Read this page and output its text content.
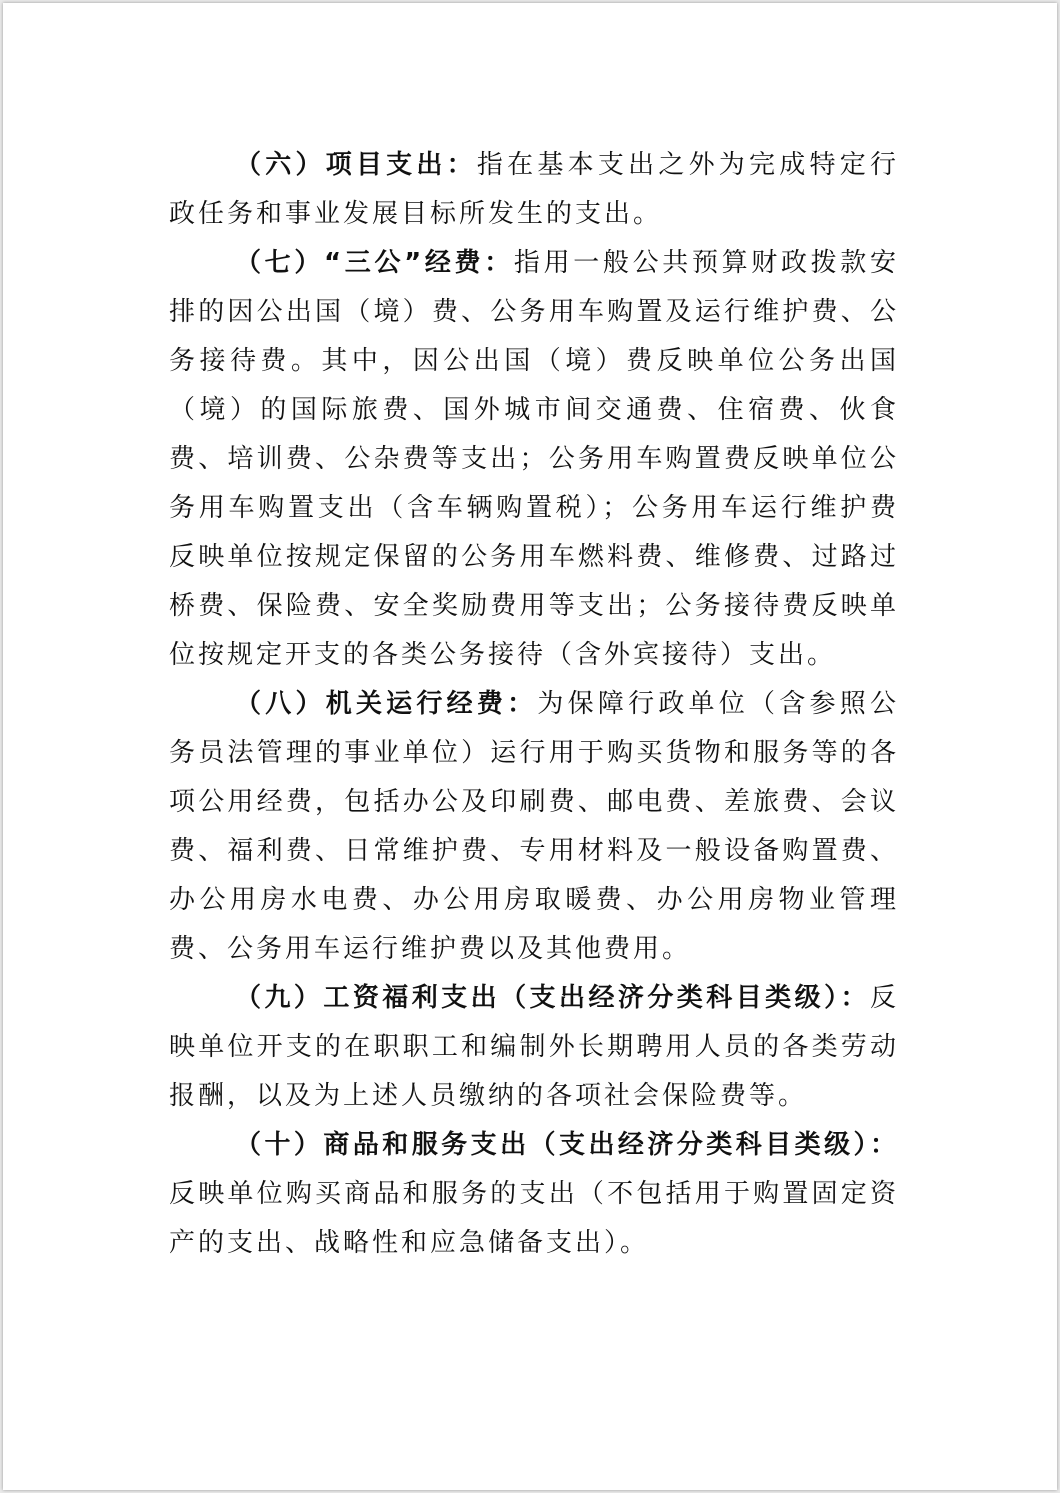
（六）项目支出：指在基本支出之外为完成特定行政任务和事业发展目标所发生的支出。

（七）“三公”经费：指用一般公共预算财政拨款安排的因公出国（境）费、公务用车购置及运行维护费、公务接待费。其中，因公出国（境）费反映单位公务出国（境）的国际旅费、国外城市间交通费、住宿费、伙食费、培训费、公杂费等支出；公务用车购置费反映单位公务用车购置支出（含车辆购置税）；公务用车运行维护费反映单位按规定保留的公务用车燃料费、维修费、过路过桥费、保险费、安全奖励费用等支出；公务接待费反映单位按规定开支的各类公务接待（含外宾接待）支出。

（八）机关运行经费：为保障行政单位（含参照公务员法管理的事业单位）运行用于购买货物和服务等的各项公用经费，包括办公及印刷费、邮电费、差旅费、会议费、福利费、日常维护费、专用材料及一般设备购置费、办公用房水电费、办公用房取暖费、办公用房物业管理费、公务用车运行维护费以及其他费用。

（九）工资福利支出（支出经济分类科目类级）：反映单位开支的在职职工和编制外长期聘用人员的各类劳动报酬，以及为上述人员缴纳的各项社会保险费等。

（十）商品和服务支出（支出经济分类科目类级）：反映单位购买商品和服务的支出（不包括用于购置固定资产的支出、战略性和应急储备支出）。
